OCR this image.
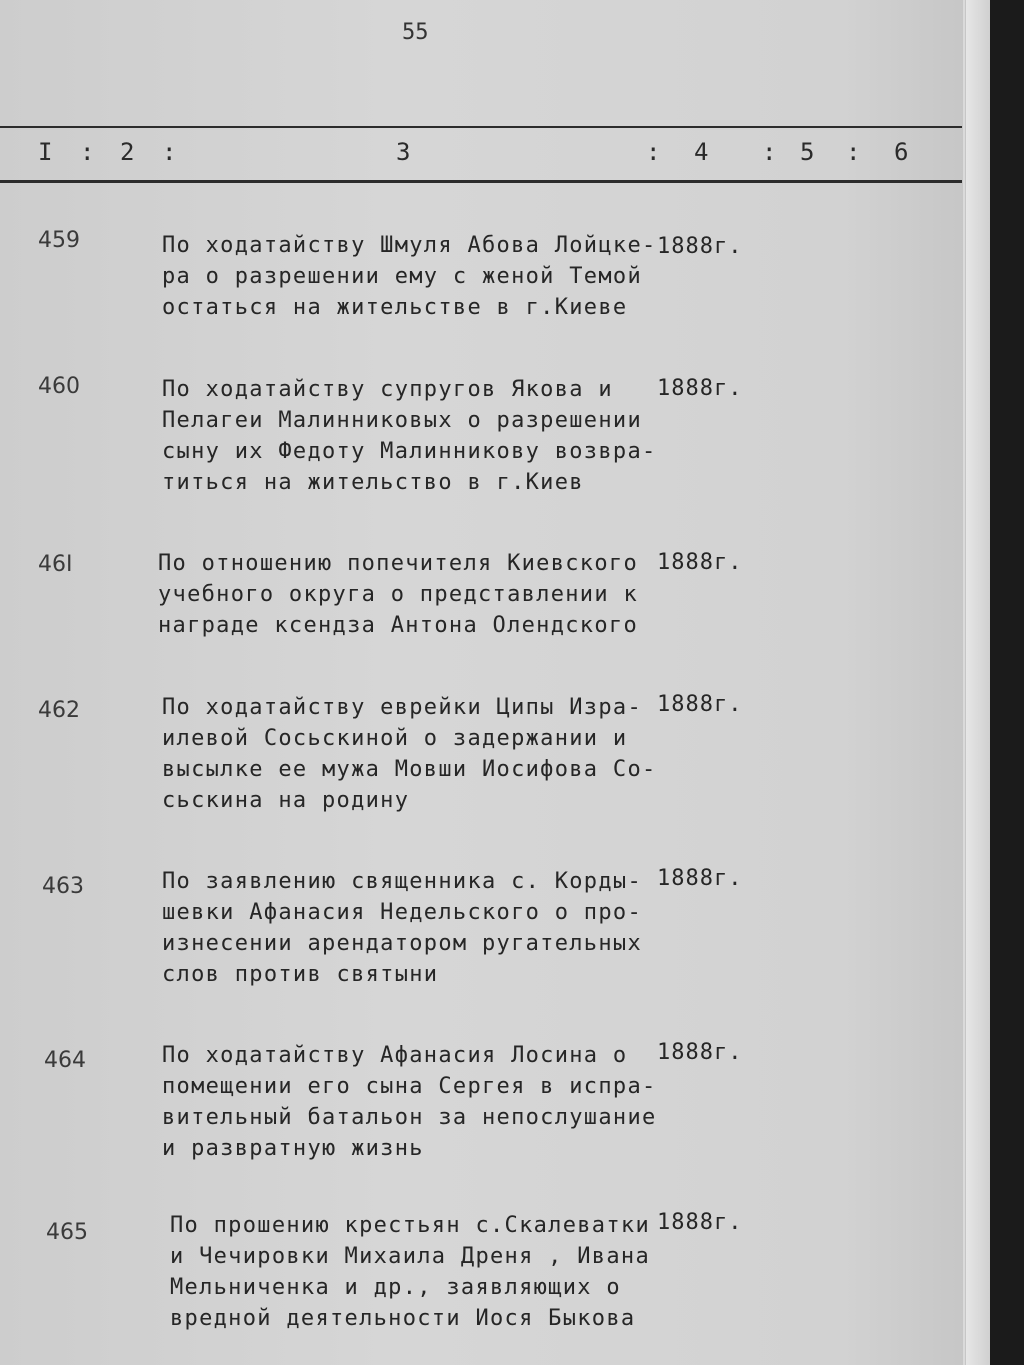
55
I : 2 :	3	: 4 : 5 : 6
459	По ходатайству Шмуля Абова Лойцке-
ра о разрешении ему с женой Темой
остаться на жительстве в г.Киеве
1888г.
460	По ходатайству супругов Якова и
Пелагеи Малинниковых о разрешении
сыну их Федоту Малинникову возвра-
титься на жительство в г.Киев
1888г.
46I	По отношению попечителя Киевского
учебного округа о представлении к
награде ксендза Антона Олендского
1888г.
462	По ходатайству еврейки Ципы Изра-
илевой Сосьскиной о задержании и
высылке ее мужа Мовши Иосифова Со-
сьскина на родину
1888г.
463	По заявлению священника с. Корды-
шевки Афанасия Недельского о про-
изнесении арендатором ругательных
слов против святыни
1888г.
464	По ходатайству Афанасия Лосина о
помещении его сына Сергея в испра-
вительный батальон за непослушание
и развратную жизнь
1888г.
465	По прошению крестьян с.Скалеватки
и Чечировки Михаила Дреня , Ивана
Мельниченка и др., заявляющих о
вредной деятельности Иося Быкова
1888г.
